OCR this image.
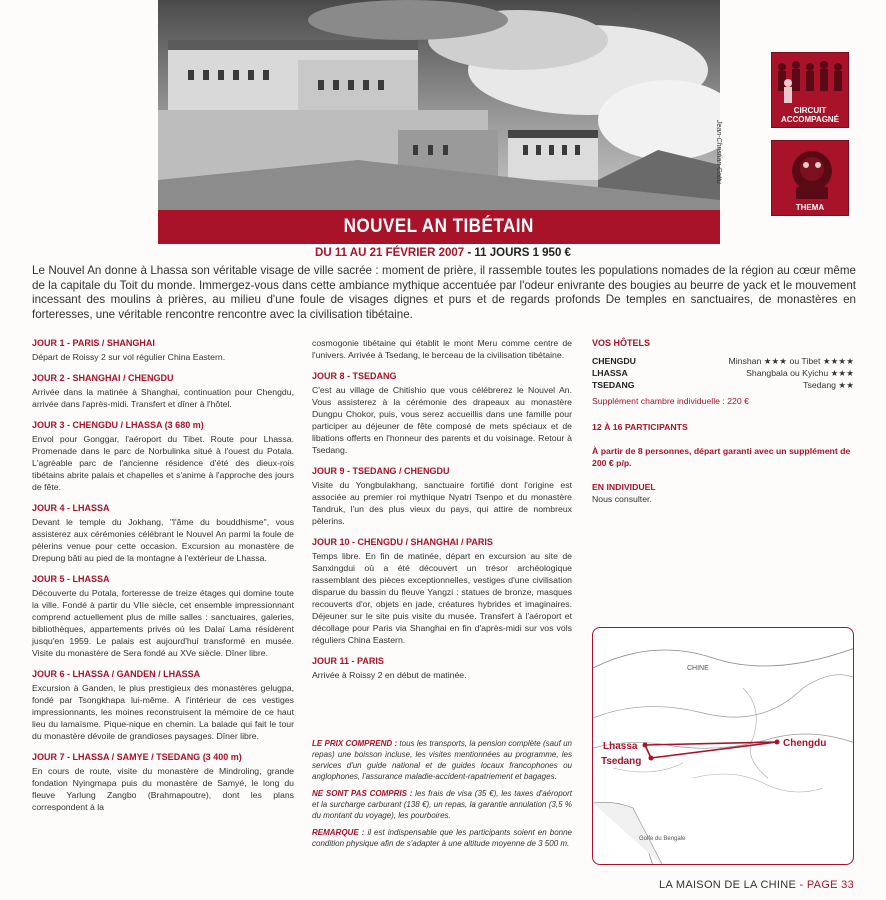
NOUVEL AN TIBÉTAIN
Jean-Christian Cottu
CIRCUIT ACCOMPAGNÉ
THEMA
DU 11 AU 21 FÉVRIER 2007 - 11 JOURS 1 950 €
Le Nouvel An donne à Lhassa son véritable visage de ville sacrée : moment de prière, il rassemble toutes les populations nomades de la région au cœur même de la capitale du Toit du monde. Immergez-vous dans cette ambiance mythique accentuée par l'odeur enivrante des bougies au beurre de yack et le mouvement incessant des moulins à prières, au milieu d'une foule de visages dignes et purs et de regards profonds De temples en sanctuaires, de monastères en forteresses, une véritable rencontre rencontre avec la civilisation tibétaine.
JOUR 1 - PARIS / SHANGHAI

Départ de Roissy 2 sur vol régulier China Eastern.

JOUR 2 - SHANGHAI / CHENGDU

Arrivée dans la matinée à Shanghai, continuation pour Chengdu, arrivée dans l'après-midi. Transfert et dîner à l'hôtel.

JOUR 3 - CHENGDU / LHASSA (3 680 m)

Envol pour Gonggar, l'aéroport du Tibet. Route pour Lhassa. Promenade dans le parc de Norbulinka situé à l'ouest du Potala. L'agréable parc de l'ancienne résidence d'été des dieux-rois tibétains abrite palais et chapelles et s'anime à l'approche des jours de fête.

JOUR 4 - LHASSA

Devant le temple du Jokhang, "l'âme du bouddhisme", vous assisterez aux cérémonies célébrant le Nouvel An parmi la foule de pèlerins venue pour cette occasion. Excursion au monastère de Drepung bâti au pied de la montagne à l'extérieur de Lhassa.

JOUR 5 - LHASSA

Découverte du Potala, forteresse de treize étages qui domine toute la ville. Fondé à partir du VIIe siècle, cet ensemble impressionnant comprend actuellement plus de mille salles : sanctuaires, galeries, bibliothèques, appartements privés où les Dalaï Lama résidèrent jusqu'en 1959. Le palais est aujourd'hui transformé en musée. Visite du monastère de Sera fondé au XVe siècle. Dîner libre.

JOUR 6 - LHASSA / GANDEN / LHASSA

Excursion à Ganden, le plus prestigieux des monastères gelugpa, fondé par Tsongkhapa lui-même. A l'intérieur de ces vestiges impressionnants, les moines reconstruisent la mémoire de ce haut lieu du lamaïsme. Pique-nique en chemin. La balade qui fait le tour du monastère dévoile de grandioses paysages. Dîner libre.

JOUR 7 - LHASSA / SAMYE / TSEDANG (3 400 m)

En cours de route, visite du monastère de Mindroling, grande fondation Nyingmapa puis du monastère de Samyé, le long du fleuve Yarlung Zangbo (Brahmapoutre), dont les plans correspondent à la

cosmogonie tibétaine qui établit le mont Meru comme centre de l'univers. Arrivée à Tsedang, le berceau de la civilisation tibétaine.

JOUR 8 - TSEDANG

C'est au village de Chitishio que vous célébrerez le Nouvel An. Vous assisterez à la cérémonie des drapeaux au monastère Dungpu Chokor, puis, vous serez accueillis dans une famille pour participer au déjeuner de fête composé de mets spéciaux et de libations offerts en l'honneur des parents et du voisinage. Retour à Tsedang.

JOUR 9 - TSEDANG / CHENGDU

Visite du Yongbulakhang, sanctuaire fortifié dont l'origine est associée au premier roi mythique Nyatri Tsenpo et du monastère Tandruk, l'un des plus vieux du pays, qui attire de nombreux pèlerins.

JOUR 10 - CHENGDU / SHANGHAI / PARIS

Temps libre. En fin de matinée, départ en excursion au site de Sanxingdui où a été découvert un trésor archéologique rassemblant des pièces exceptionnelles, vestiges d'une civilisation disparue du bassin du fleuve Yangzi : statues de bronze, masques recouverts d'or, objets en jade, créatures hybrides et imaginaires. Déjeuner sur le site puis visite du musée. Transfert à l'aéroport et décollage pour Paris via Shanghai en fin d'après-midi sur vos vols réguliers China Eastern.

JOUR 11 - PARIS

Arrivée à Roissy 2 en début de matinée.

LE PRIX COMPREND : tous les transports, la pension complète (sauf un repas) une boisson incluse, les visites mentionnées au programme, les services d'un guide national et de guides locaux francophones ou anglophones, l'assurance maladie-accident-rapatriement et bagages.

NE SONT PAS COMPRIS : les frais de visa (35 €), les taxes d'aéroport et la surcharge carburant (138 €), un repas, la garantie annulation (3,5 % du montant du voyage), les pourboires.

REMARQUE : il est indispensable que les participants soient en bonne condition physique afin de s'adapter à une altitude moyenne de 3 500 m.

VOS HÔTELS
CHENGDU	Minshan ★★★ ou Tibet ★★★★
LHASSA	Shangbala ou Kyichu ★★★
TSEDANG	Tsedang ★★
Supplément chambre individuelle : 220 €
12 À 16 PARTICIPANTS
À partir de 8 personnes, départ garanti avec un supplément de 200 € p/p.
EN INDIVIDUEL
Nous consulter.
CHINE
Lhassa
Tsedang
Chengdu
Golfe du Bengale
LA MAISON DE LA CHINE - PAGE 33
